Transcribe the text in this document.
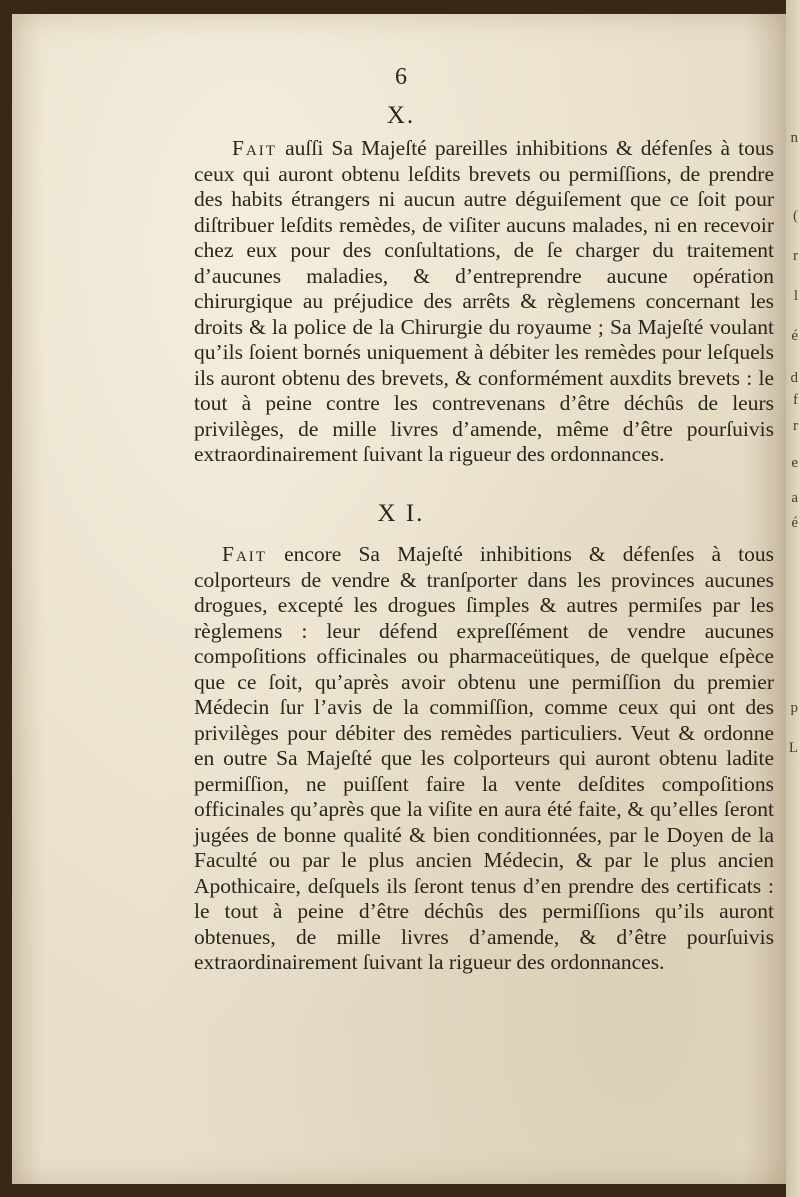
6
X.

Fait auſſi Sa Majeſté pareilles inhibitions & défenſes à tous ceux qui auront obtenu leſdits brevets ou permiſſions, de prendre des habits étrangers ni aucun autre déguiſement que ce ſoit pour diſtribuer leſdits remèdes, de viſiter aucuns malades, ni en recevoir chez eux pour des conſultations, de ſe charger du traitement d’aucunes maladies, & d’entreprendre aucune opération chirurgique au préjudice des arrêts & règlemens concernant les droits & la police de la Chirurgie du royaume ; Sa Majeſté voulant qu’ils ſoient bornés uniquement à débiter les remèdes pour leſquels ils auront obtenu des brevets, & conformément auxdits brevets : le tout à peine contre les contrevenans d’être déchûs de leurs privilèges, de mille livres d’amende, même d’être pourſuivis extraordinairement ſuivant la rigueur des ordonnances.

X I.

Fait encore Sa Majeſté inhibitions & défenſes à tous colporteurs de vendre & tranſporter dans les provinces aucunes drogues, excepté les drogues ſimples & autres permiſes par les règlemens : leur défend expreſſément de vendre aucunes compoſitions officinales ou pharmaceütiques, de quelque eſpèce que ce ſoit, qu’après avoir obtenu une permiſſion du premier Médecin ſur l’avis de la commiſſion, comme ceux qui ont des privilèges pour débiter des remèdes particuliers. Veut & ordonne en outre Sa Majeſté que les colporteurs qui auront obtenu ladite permiſſion, ne puiſſent faire la vente deſdites compoſitions officinales qu’après que la viſite en aura été faite, & qu’elles ſeront jugées de bonne qualité & bien conditionnées, par le Doyen de la Faculté ou par le plus ancien Médecin, & par le plus ancien Apothicaire, deſquels ils ſeront tenus d’en prendre des certificats : le tout à peine d’être déchûs des permiſſions qu’ils auront obtenues, de mille livres d’amende, & d’être pourſuivis extraordinairement ſuivant la rigueur des ordonnances.

n
(
r
l
é
d
f
r
e
a
é
p
L
